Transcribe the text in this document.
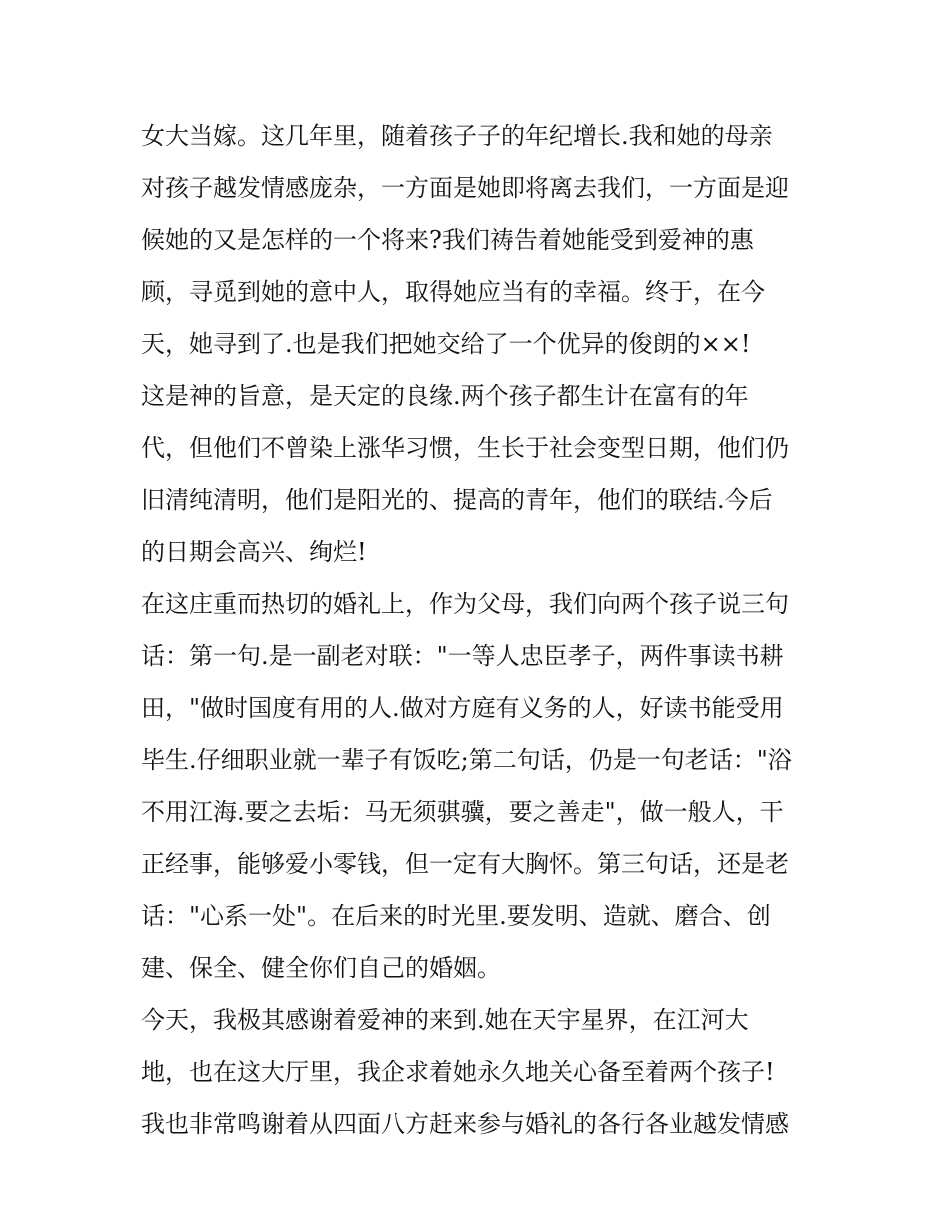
女大当嫁。这几年里，随着孩子子的年纪增长.我和她的母亲
对孩子越发情感庞杂，一方面是她即将离去我们，一方面是迎
候她的又是怎样的一个将来?我们祷告着她能受到爱神的惠
顾，寻觅到她的意中人，取得她应当有的幸福。终于，在今
天，她寻到了.也是我们把她交给了一个优异的俊朗的××!
这是神的旨意，是天定的良缘.两个孩子都生计在富有的年
代，但他们不曾染上涨华习惯，生长于社会变型日期，他们仍
旧清纯清明，他们是阳光的、提高的青年，他们的联结.今后
的日期会高兴、绚烂!
在这庄重而热切的婚礼上，作为父母，我们向两个孩子说三句
话：第一句.是一副老对联："一等人忠臣孝子，两件事读书耕
田，"做时国度有用的人.做对方庭有义务的人，好读书能受用
毕生.仔细职业就一辈子有饭吃;第二句话，仍是一句老话："浴
不用江海.要之去垢：马无须骐骥，要之善走"，做一般人，干
正经事，能够爱小零钱，但一定有大胸怀。第三句话，还是老
话："心系一处"。在后来的时光里.要发明、造就、磨合、创
建、保全、健全你们自己的婚姻。
今天，我极其感谢着爱神的来到.她在天宇星界，在江河大
地，也在这大厅里，我企求着她永久地关心备至着两个孩子!
我也非常鸣谢着从四面八方赶来参与婚礼的各行各业越发情感
